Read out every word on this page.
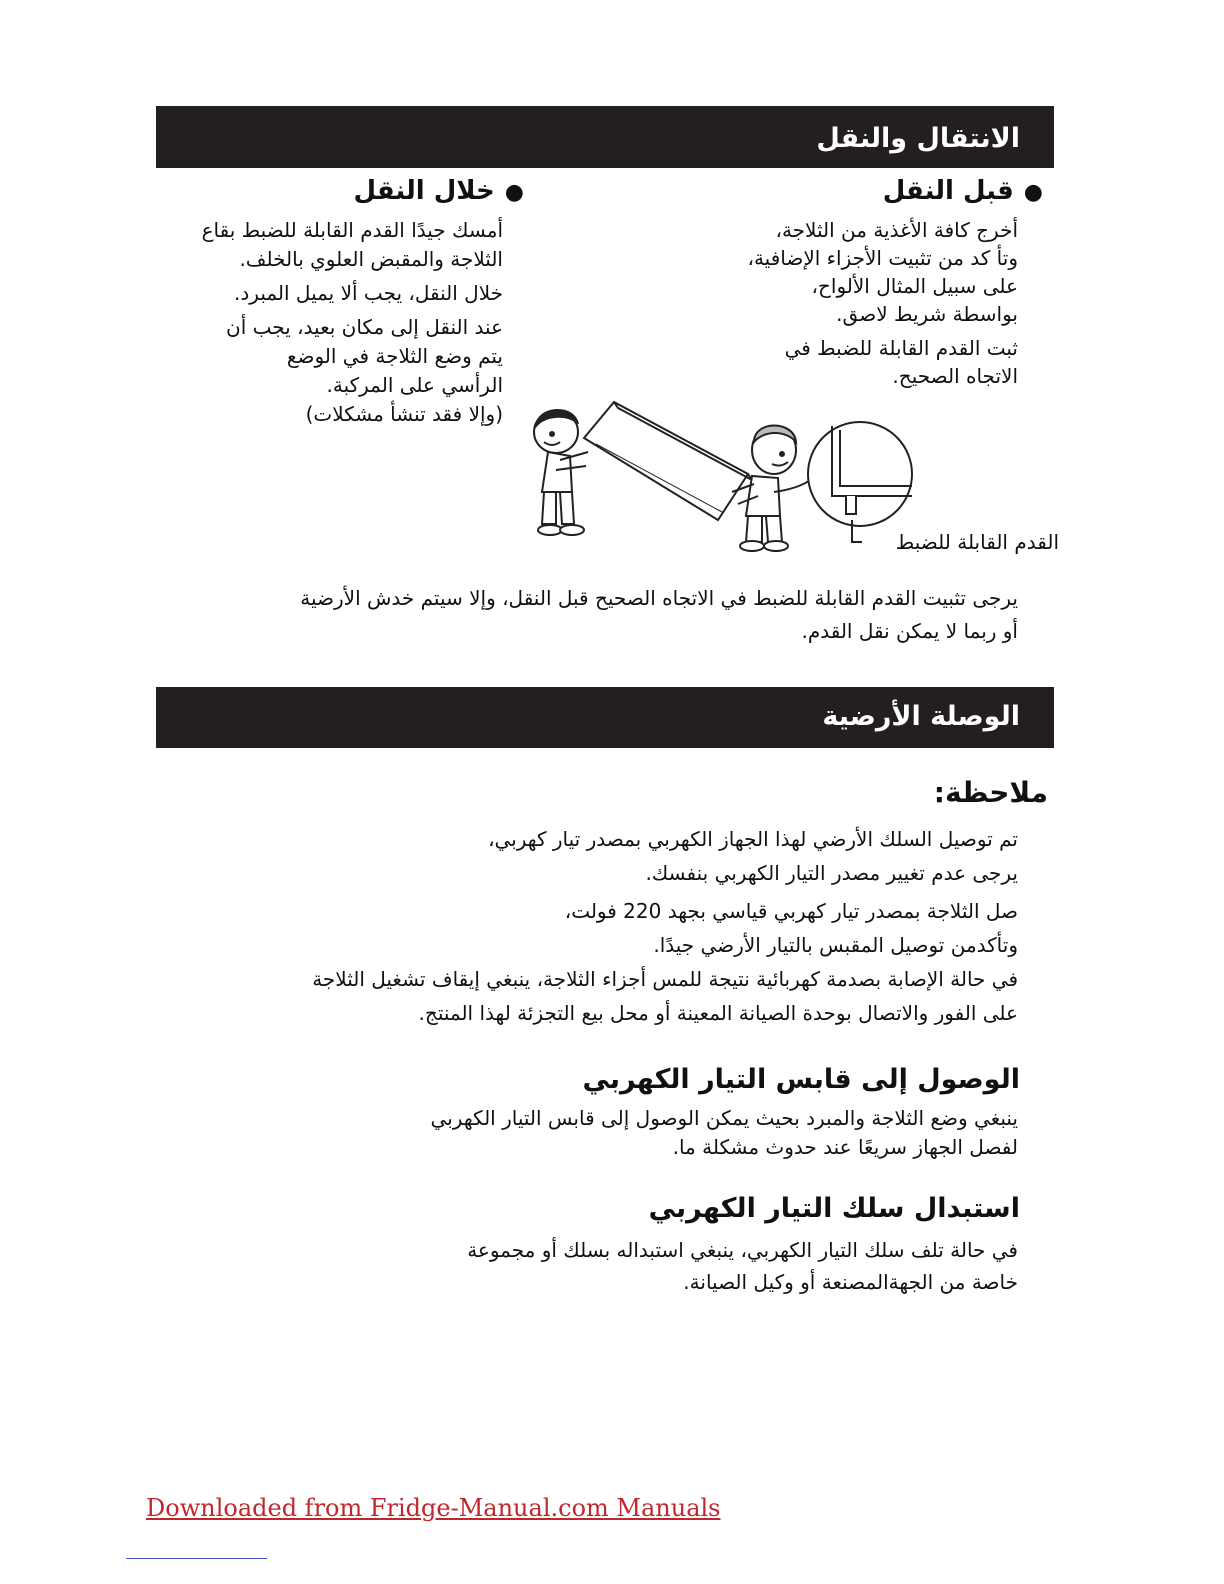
الانتقال والنقل
●قبل النقل
أخرج كافة الأغذية من الثلاجة،
وتأ كد من تثبيت الأجزاء الإضافية،
على سبيل المثال الألواح،
بواسطة شريط لاصق.
ثبت القدم القابلة للضبط في
الاتجاه الصحيح.
●خلال النقل
أمسك جيدًا القدم القابلة للضبط بقاع
الثلاجة والمقبض العلوي بالخلف.
خلال النقل، يجب ألا يميل المبرد.
عند النقل إلى مكان بعيد، يجب أن
يتم وضع الثلاجة في الوضع
الرأسي على المركبة.
(وإلا فقد تنشأ مشكلات)
القدم القابلة للضبط
يرجى تثبيت القدم القابلة للضبط في الاتجاه الصحيح قبل النقل، وإلا سيتم خدش الأرضية
أو ربما لا يمكن نقل القدم.
الوصلة الأرضية
ملاحظة:
تم توصيل السلك الأرضي لهذا الجهاز الكهربي بمصدر تيار كهربي،
يرجى عدم تغيير مصدر التيار الكهربي بنفسك.
صل الثلاجة بمصدر تيار كهربي قياسي بجهد 220 فولت،
وتأكدمن توصيل المقبس بالتيار الأرضي جيدًا.
في حالة الإصابة بصدمة كهربائية نتيجة للمس أجزاء الثلاجة، ينبغي إيقاف تشغيل الثلاجة
على الفور والاتصال بوحدة الصيانة المعينة أو محل بيع التجزئة لهذا المنتج.
الوصول إلى قابس التيار الكهربي
ينبغي وضع الثلاجة والمبرد بحيث يمكن الوصول إلى قابس التيار الكهربي
لفصل الجهاز سريعًا عند حدوث مشكلة ما.
استبدال سلك التيار الكهربي
في حالة تلف سلك التيار الكهربي، ينبغي استبداله بسلك أو مجموعة
خاصة من الجهةالمصنعة أو وكيل الصيانة.
Downloaded from Fridge-Manual.com Manuals
